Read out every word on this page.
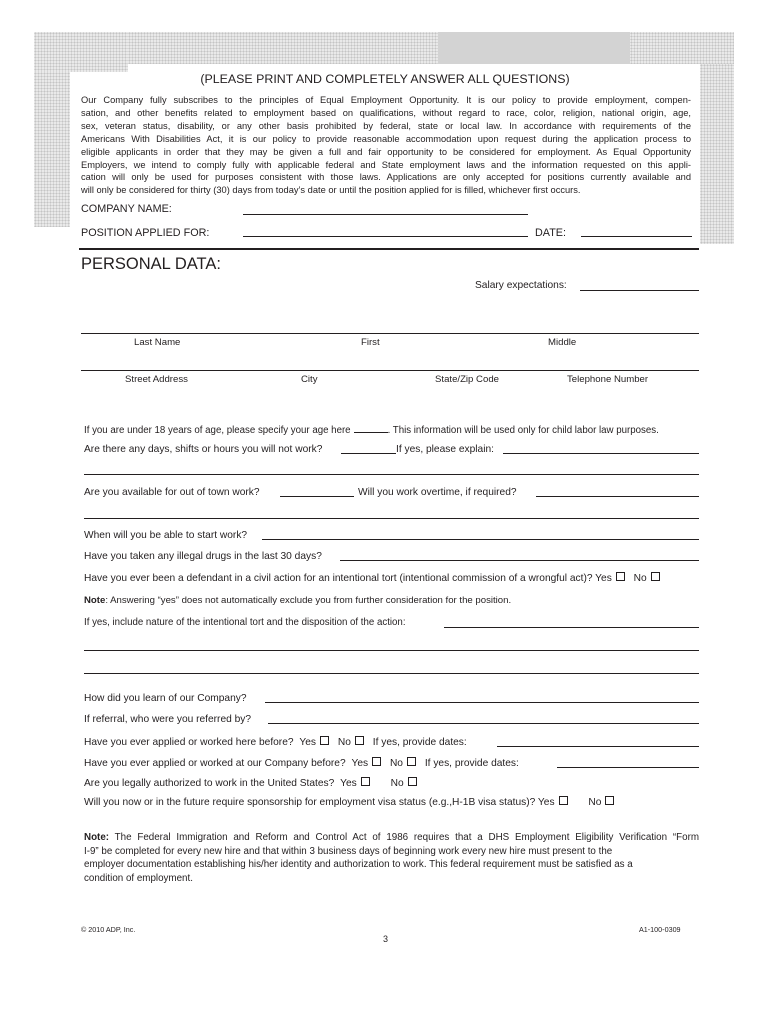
(PLEASE PRINT AND COMPLETELY ANSWER ALL QUESTIONS)
Our Company fully subscribes to the principles of Equal Employment Opportunity. It is our policy to provide employment, compen-
sation, and other benefits related to employment based on qualifications, without regard to race, color, religion, national origin, age,
sex, veteran status, disability, or any other basis prohibited by federal, state or local law. In accordance with requirements of the
Americans With Disabilities Act, it is our policy to provide reasonable accommodation upon request during the application process to
eligible applicants in order that they may be given a full and fair opportunity to be considered for employment. As Equal Opportunity
Employers, we intend to comply fully with applicable federal and State employment laws and the information requested on this appli-
cation will only be used for purposes consistent with those laws. Applications are only accepted for positions currently available and
will only be considered for thirty (30) days from today’s date or until the position applied for is filled, whichever first occurs.
COMPANY NAME:
POSITION APPLIED FOR:	DATE:
PERSONAL DATA:
Salary expectations:
Last Name	First	Middle
Street Address	City	State/Zip Code	Telephone Number
If you are under 18 years of age, please specify your age here	. This information will be used only for child labor law purposes.
Are there any days, shifts or hours you will not work?	If yes, please explain:
Are you available for out of town work?	Will you work overtime, if required?
When will you be able to start work?
Have you taken any illegal drugs in the last 30 days?
Have you ever been a defendant in a civil action for an intentional tort (intentional commission of a wrongful act)? Yes No
Note: Answering “yes” does not automatically exclude you from further consideration for the position.
If yes, include nature of the intentional tort and the disposition of the action:
How did you learn of our Company?
If referral, who were you referred by?
Have you ever applied or worked here before? Yes No If yes, provide dates:
Have you ever applied or worked at our Company before? Yes No If yes, provide dates:
Are you legally authorized to work in the United States? Yes	No
Will you now or in the future require sponsorship for employment visa status (e.g.,H-1B visa status)? Yes	No
Note: The Federal Immigration and Reform and Control Act of 1986 requires that a DHS Employment Eligibility Verification “Form
I-9” be completed for every new hire and that within 3 business days of beginning work every new hire must present to the
employer documentation establishing his/her identity and authorization to work. This federal requirement must be satisfied as a
condition of employment.
© 2010 ADP, Inc.	A1-100-0309
3
